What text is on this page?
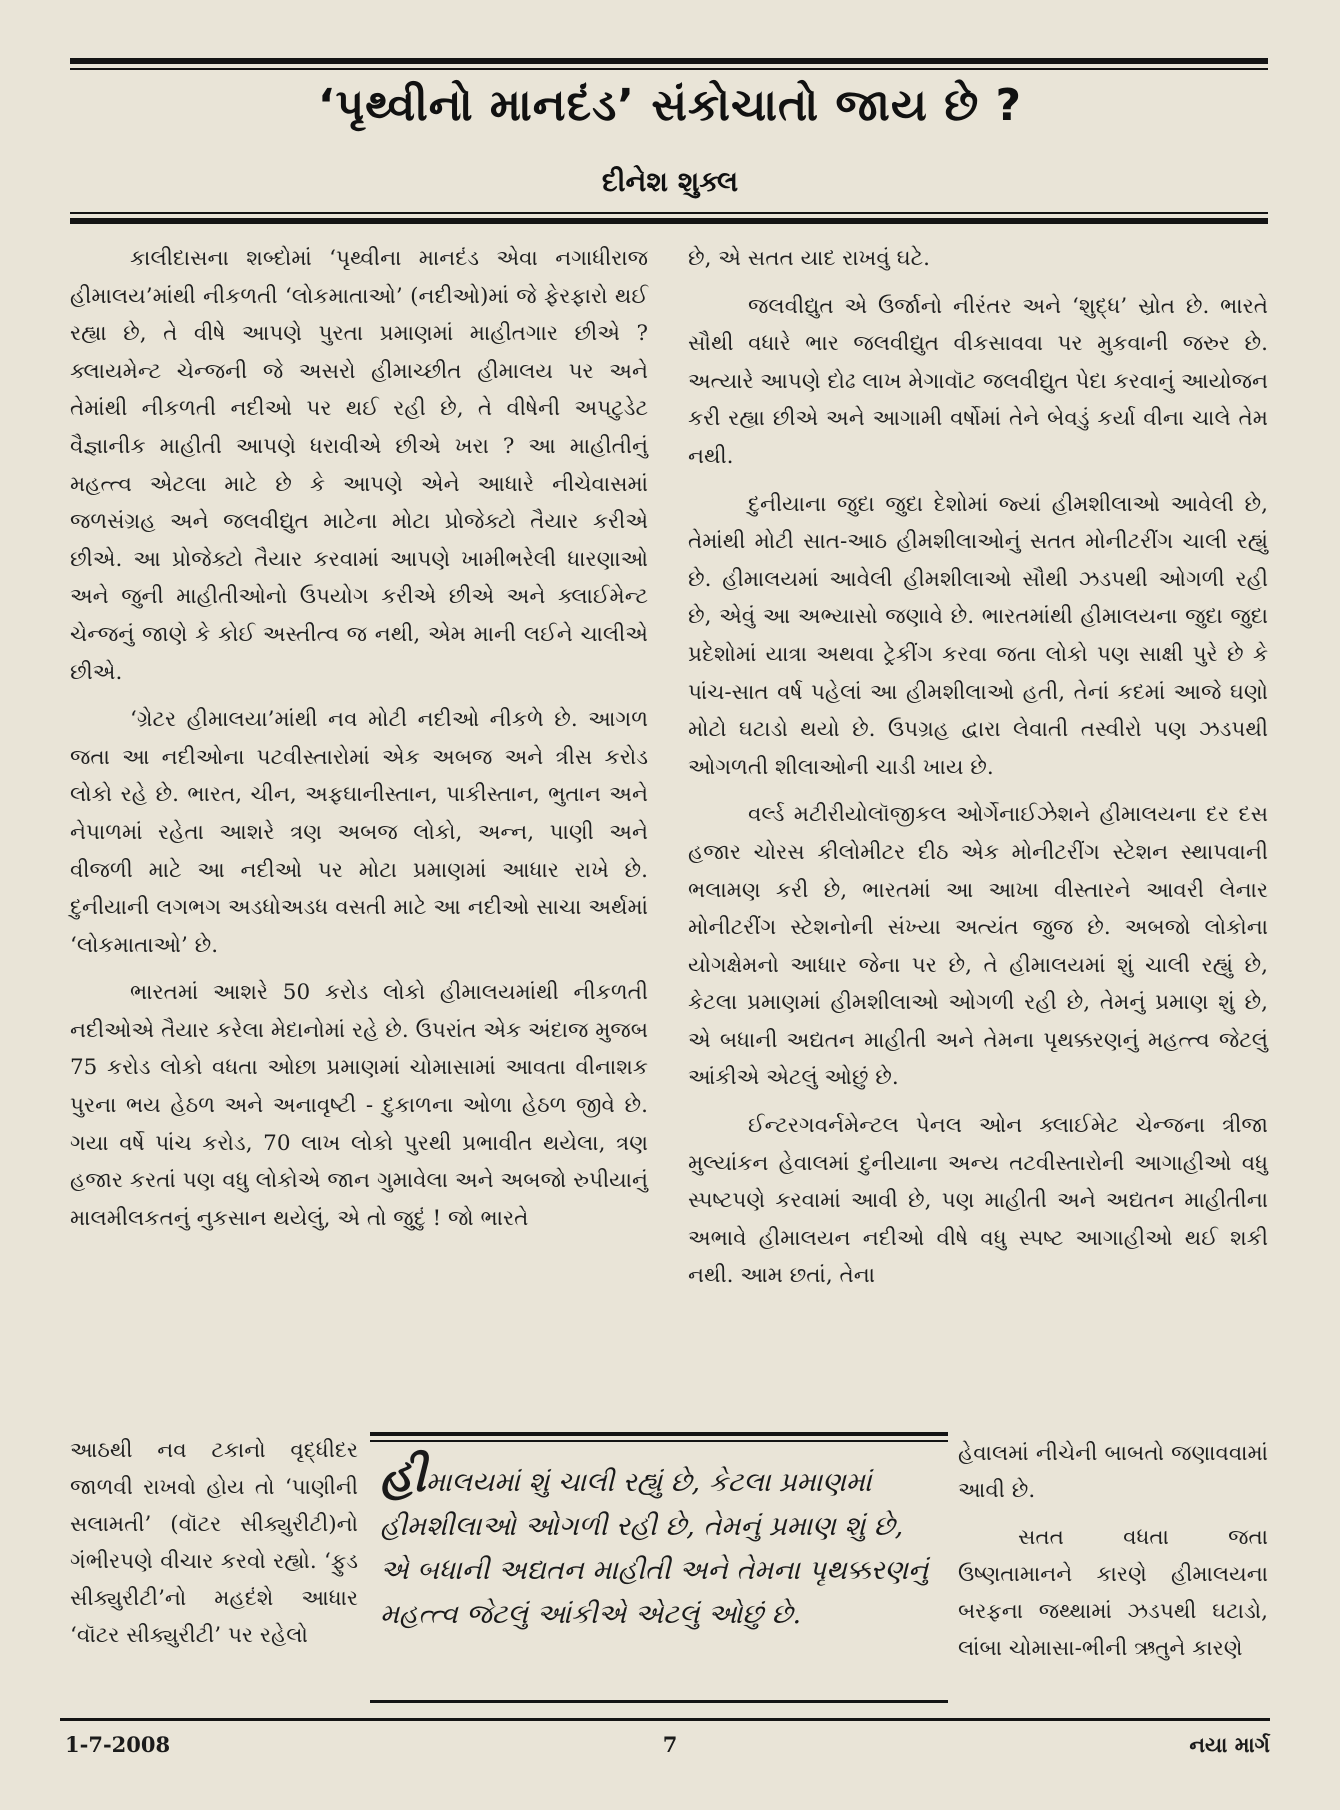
‘પૃથ્વીનો માનદંડ’ સંકોચાતો જાય છે ?
દીનેશ શુક્લ

કાલીદાસના શબ્દોમાં ‘પૃથ્વીના માનદંડ એવા નગાધીરાજ હીમાલય’માંથી નીકળતી ‘લોકમાતાઓ’ (નદીઓ)માં જે ફેરફારો થઈ રહ્યા છે, તે વીષે આપણે પુરતા પ્રમાણમાં માહીતગાર છીએ ? ક્લાયમેન્ટ ચેન્જની જે અસરો હીમાચ્છીત હીમાલય પર અને તેમાંથી નીકળતી નદીઓ પર થઈ રહી છે, તે વીષેની અપટુડેટ વૈજ્ઞાનીક માહીતી આપણે ધરાવીએ છીએ ખરા ? આ માહીતીનું મહત્ત્વ એટલા માટે છે કે આપણે એને આધારે નીચેવાસમાં જળસંગ્રહ અને જલવીદ્યુત માટેના મોટા પ્રોજેક્ટો તૈયાર કરીએ છીએ. આ પ્રોજેક્ટો તૈયાર કરવામાં આપણે ખામીભરેલી ધારણાઓ અને જુની માહીતીઓનો ઉપયોગ કરીએ છીએ અને ક્લાઈમેન્ટ ચેન્જનું જાણે કે કોઈ અસ્તીત્વ જ નથી, એમ માની લઈને ચાલીએ છીએ.

‘ગ્રેટર હીમાલયા’માંથી નવ મોટી નદીઓ નીકળે છે. આગળ જતા આ નદીઓના પટવીસ્તારોમાં એક અબજ અને ત્રીસ કરોડ લોકો રહે છે. ભારત, ચીન, અફઘાનીસ્તાન, પાકીસ્તાન, ભુતાન અને નેપાળમાં રહેતા આશરે ત્રણ અબજ લોકો, અન્ન, પાણી અને વીજળી માટે આ નદીઓ પર મોટા પ્રમાણમાં આધાર રાખે છે. દુનીયાની લગભગ અડધોઅડધ વસતી માટે આ નદીઓ સાચા અર્થમાં ‘લોકમાતાઓ’ છે.

ભારતમાં આશરે 50 કરોડ લોકો હીમાલયમાંથી નીકળતી નદીઓએ તૈયાર કરેલા મેદાનોમાં રહે છે. ઉપરાંત એક અંદાજ મુજબ 75 કરોડ લોકો વધતા ઓછા પ્રમાણમાં ચોમાસામાં આવતા વીનાશક પુરના ભય હેઠળ અને અનાવૃષ્ટી - દુકાળના ઓળા હેઠળ જીવે છે. ગયા વર્ષે પાંચ કરોડ, 70 લાખ લોકો પુરથી પ્રભાવીત થયેલા, ત્રણ હજાર કરતાં પણ વધુ લોકોએ જાન ગુમાવેલા અને અબજો રુપીયાનું માલમીલકતનું નુકસાન થયેલું, એ તો જુદું ! જો ભારતે

આઠથી નવ ટકાનો વૃદ્ધીદર જાળવી રાખવો હોય તો ‘પાણીની સલામતી’ (વૉટર સીક્યુરીટી)નો ગંભીરપણે વીચાર કરવો રહ્યો. ‘ફુડ સીક્યુરીટી’નો મહદંશે આધાર ‘વૉટર સીક્યુરીટી’ પર રહેલો

છે, એ સતત યાદ રાખવું ઘટે.

જલવીદ્યુત એ ઉર્જાનો નીરંતર અને ‘શુદ્ધ’ સ્રોત છે. ભારતે સૌથી વધારે ભાર જલવીદ્યુત વીકસાવવા પર મુકવાની જરુર છે. અત્યારે આપણે દોઢ લાખ મેગાવૉટ જલવીદ્યુત પેદા કરવાનું આયોજન કરી રહ્યા છીએ અને આગામી વર્ષોમાં તેને બેવડું કર્યા વીના ચાલે તેમ નથી.

દુનીયાના જુદા જુદા દેશોમાં જ્યાં હીમશીલાઓ આવેલી છે, તેમાંથી મોટી સાત-આઠ હીમશીલાઓનું સતત મોનીટરીંગ ચાલી રહ્યું છે. હીમાલયમાં આવેલી હીમશીલાઓ સૌથી ઝડપથી ઓગળી રહી છે, એવું આ અભ્યાસો જણાવે છે. ભારતમાંથી હીમાલયના જુદા જુદા પ્રદેશોમાં યાત્રા અથવા ટ્રેકીંગ કરવા જતા લોકો પણ સાક્ષી પુરે છે કે પાંચ-સાત વર્ષ પહેલાં આ હીમશીલાઓ હતી, તેનાં કદમાં આજે ઘણો મોટો ઘટાડો થયો છે. ઉપગ્રહ દ્વારા લેવાતી તસ્વીરો પણ ઝડપથી ઓગળતી શીલાઓની ચાડી ખાય છે.

વર્લ્ડ મટીરીયોલૉજીકલ ઓર્ગેનાઈઝેશને હીમાલયના દર દસ હજાર ચોરસ કીલોમીટર દીઠ એક મોનીટરીંગ સ્ટેશન સ્થાપવાની ભલામણ કરી છે, ભારતમાં આ આખા વીસ્તારને આવરી લેનાર મોનીટરીંગ સ્ટેશનોની સંખ્યા અત્યંત જુજ છે. અબજો લોકોના યોગક્ષેમનો આધાર જેના પર છે, તે હીમાલયમાં શું ચાલી રહ્યું છે, કેટલા પ્રમાણમાં હીમશીલાઓ ઓગળી રહી છે, તેમનું પ્રમાણ શું છે, એ બધાની અદ્યતન માહીતી અને તેમના પૃથક્કરણનું મહત્ત્વ જેટલું આંકીએ એટલું ઓછું છે.

ઈન્ટરગવર્નમેન્ટલ પેનલ ઓન ક્લાઈમેટ ચેન્જના ત્રીજા મુલ્યાંકન હેવાલમાં દુનીયાના અન્ય તટવીસ્તારોની આગાહીઓ વધુ સ્પષ્ટપણે કરવામાં આવી છે, પણ માહીતી અને અદ્યતન માહીતીના અભાવે હીમાલયન નદીઓ વીષે વધુ સ્પષ્ટ આગાહીઓ થઈ શકી નથી. આમ છતાં, તેના

હેવાલમાં નીચેની બાબતો જણાવવામાં આવી છે.

સતત વધતા જતા ઉષ્ણતામાનને કારણે હીમાલયના બરફના જથ્થામાં ઝડપથી ઘટાડો, લાંબા ચોમાસા-ભીની ઋતુને કારણે

હીમાલયમાં શું ચાલી રહ્યું છે, કેટલા પ્રમાણમાં હીમશીલાઓ ઓગળી રહી છે, તેમનું પ્રમાણ શું છે, એ બધાની અદ્યતન માહીતી અને તેમના પૃથક્કરણનું મહત્ત્વ જેટલું આંકીએ એટલું ઓછું છે.
1-7-2008	7	નયા માર્ગ
